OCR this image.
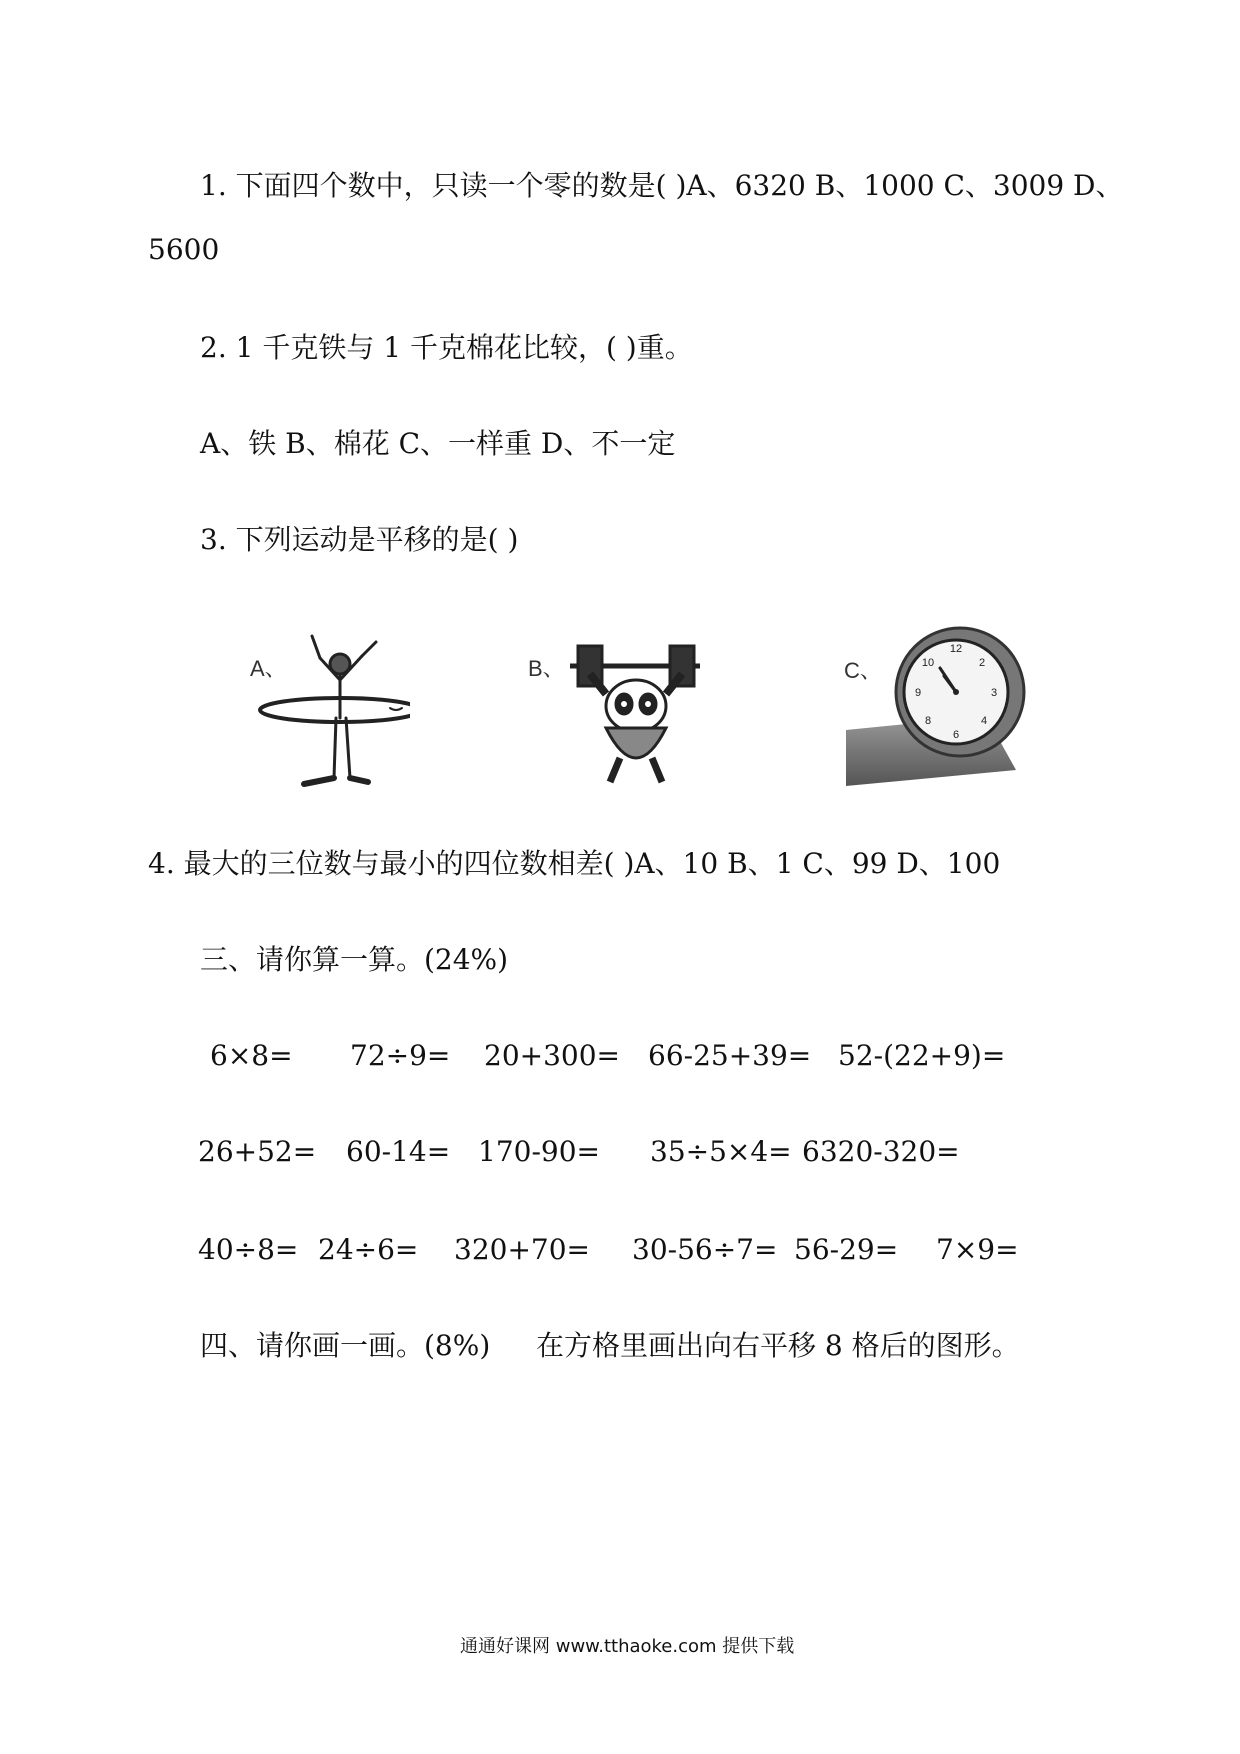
1. 下面四个数中，只读一个零的数是( )A、6320 B、1000 C、3009 D、
5600
2. 1 千克铁与 1 千克棉花比较，( )重。
A、铁 B、棉花 C、一样重 D、不一定
3. 下列运动是平移的是( )
A、	B、	C、
12
2
3
4
6
8
9
10
4. 最大的三位数与最小的四位数相差( )A、10 B、1 C、99 D、100
三、请你算一算。(24%)
6×8= 72÷9= 20+300= 66-25+39= 52-(22+9)=
26+52= 60-14= 170-90= 35÷5×4= 6320-320=
40÷8= 24÷6= 320+70= 30-56÷7= 56-29= 7×9=
四、请你画一画。(8%) 在方格里画出向右平移 8 格后的图形。
通通好课网 www.tthaoke.com 提供下载
